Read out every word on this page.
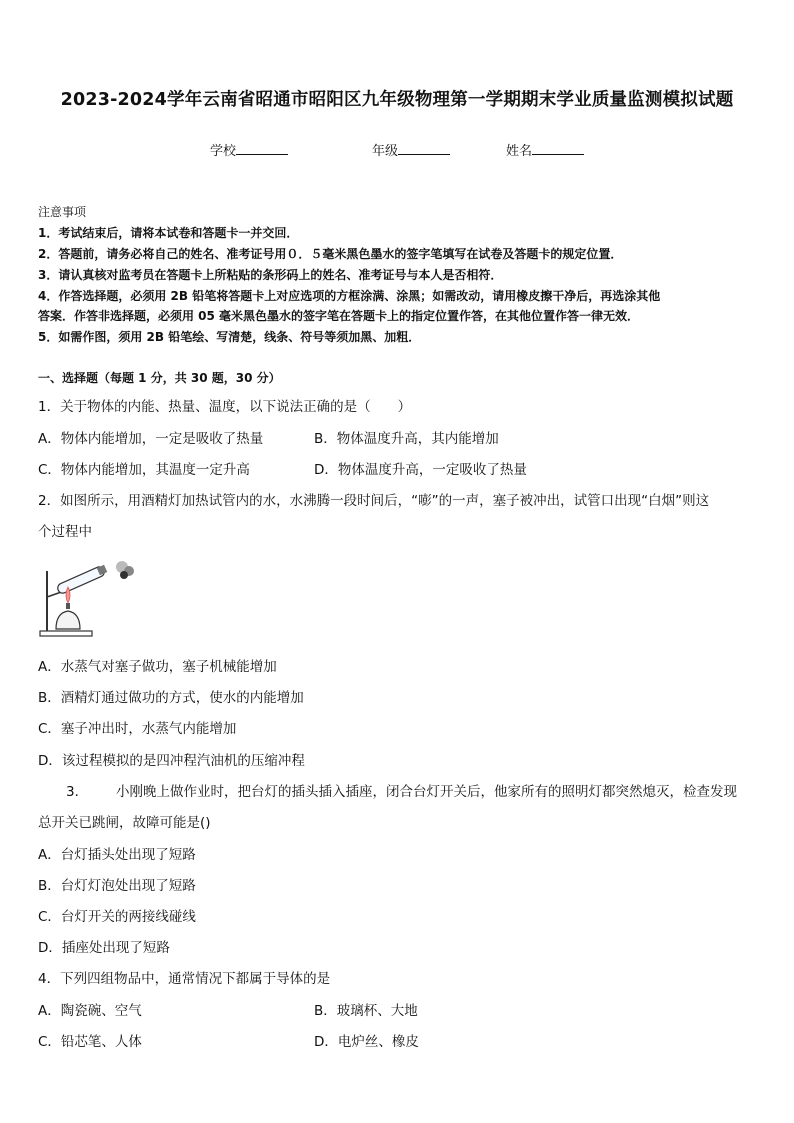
2023-2024学年云南省昭通市昭阳区九年级物理第一学期期末学业质量监测模拟试题
学校	年级	姓名
注意事项
1．考试结束后，请将本试卷和答题卡一并交回．
2．答题前，请务必将自己的姓名、准考证号用０．５毫米黑色墨水的签字笔填写在试卷及答题卡的规定位置．
3．请认真核对监考员在答题卡上所粘贴的条形码上的姓名、准考证号与本人是否相符．
4．作答选择题，必须用 2B 铅笔将答题卡上对应选项的方框涂满、涂黑；如需改动，请用橡皮擦干净后，再选涂其他
答案．作答非选择题，必须用 05 毫米黑色墨水的签字笔在答题卡上的指定位置作答，在其他位置作答一律无效．
5．如需作图，须用 2B 铅笔绘、写清楚，线条、符号等须加黑、加粗．
一、选择题（每题 1 分，共 30 题，30 分）
1．关于物体的内能、热量、温度，以下说法正确的是（　　）
A．物体内能增加，一定是吸收了热量	B．物体温度升高，其内能增加
C．物体内能增加，其温度一定升高	D．物体温度升高，一定吸收了热量
2．如图所示，用酒精灯加热试管内的水，水沸腾一段时间后，“嘭”的一声，塞子被冲出，试管口出现“白烟”则这
个过程中
A．水蒸气对塞子做功，塞子机械能增加
B．酒精灯通过做功的方式，使水的内能增加
C．塞子冲出时，水蒸气内能增加
D．该过程模拟的是四冲程汽油机的压缩冲程
3． 小刚晚上做作业时，把台灯的插头插入插座，闭合台灯开关后，他家所有的照明灯都突然熄灭，检查发现
总开关已跳闸，故障可能是()
A．台灯插头处出现了短路
B．台灯灯泡处出现了短路
C．台灯开关的两接线碰线
D．插座处出现了短路
4．下列四组物品中，通常情况下都属于导体的是
A．陶瓷碗、空气	B．玻璃杯、大地
C．铅芯笔、人体	D．电炉丝、橡皮
